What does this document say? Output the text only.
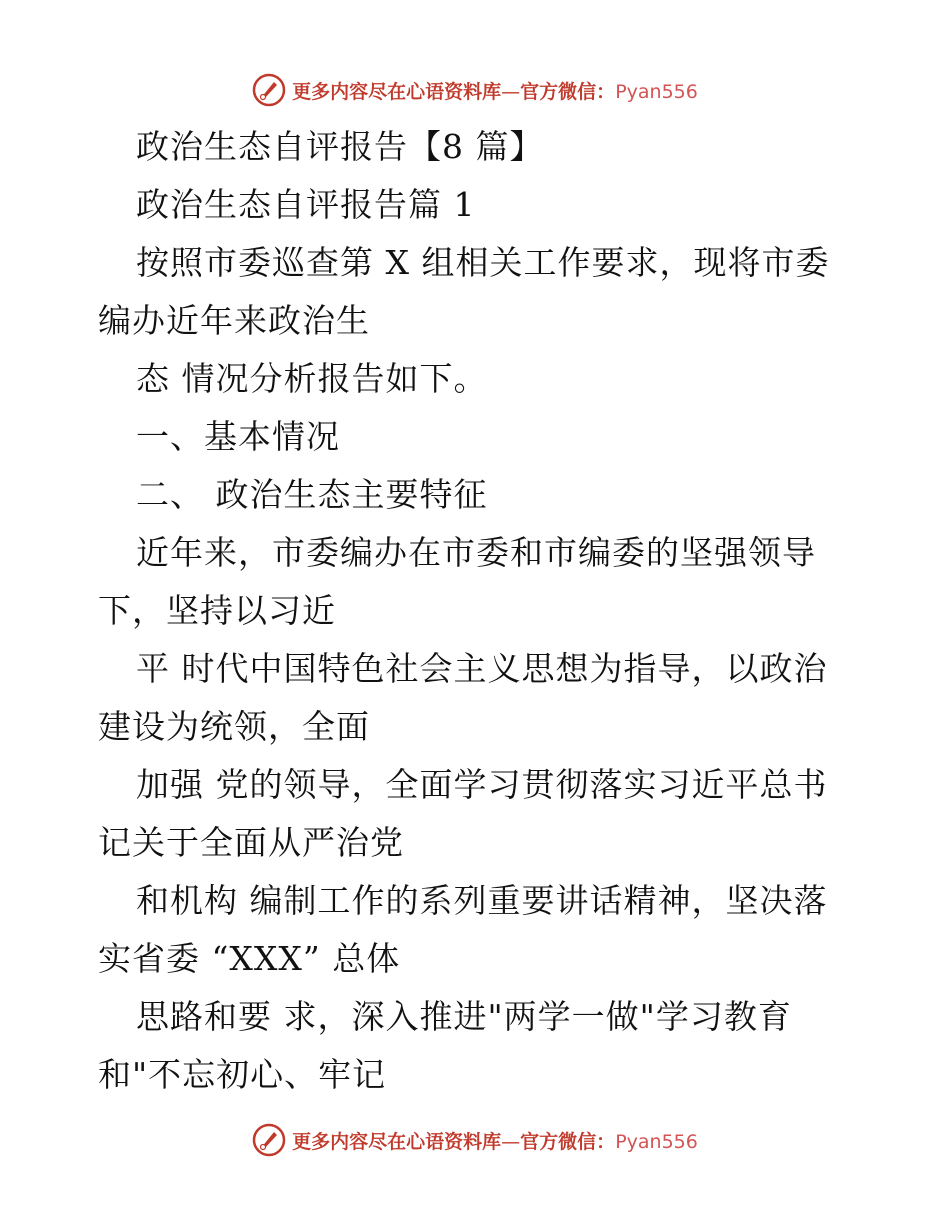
更多内容尽在心语资料库—官方微信：Pyan556
政治生态自评报告【8 篇】
政治生态自评报告篇 1
按照市委巡查第 X 组相关工作要求，现将市委
编办近年来政治生
态 情况分析报告如下。
一、基本情况
二、 政治生态主要特征
近年来，市委编办在市委和市编委的坚强领导
下，坚持以习近
平 时代中国特色社会主义思想为指导，以政治
建设为统领，全面
加强 党的领导，全面学习贯彻落实习近平总书
记关于全面从严治党
和机构 编制工作的系列重要讲话精神，坚决落
实省委 “XXX” 总体
思路和要 求，深入推进"两学一做"学习教育
和"不忘初心、牢记
更多内容尽在心语资料库—官方微信：Pyan556
